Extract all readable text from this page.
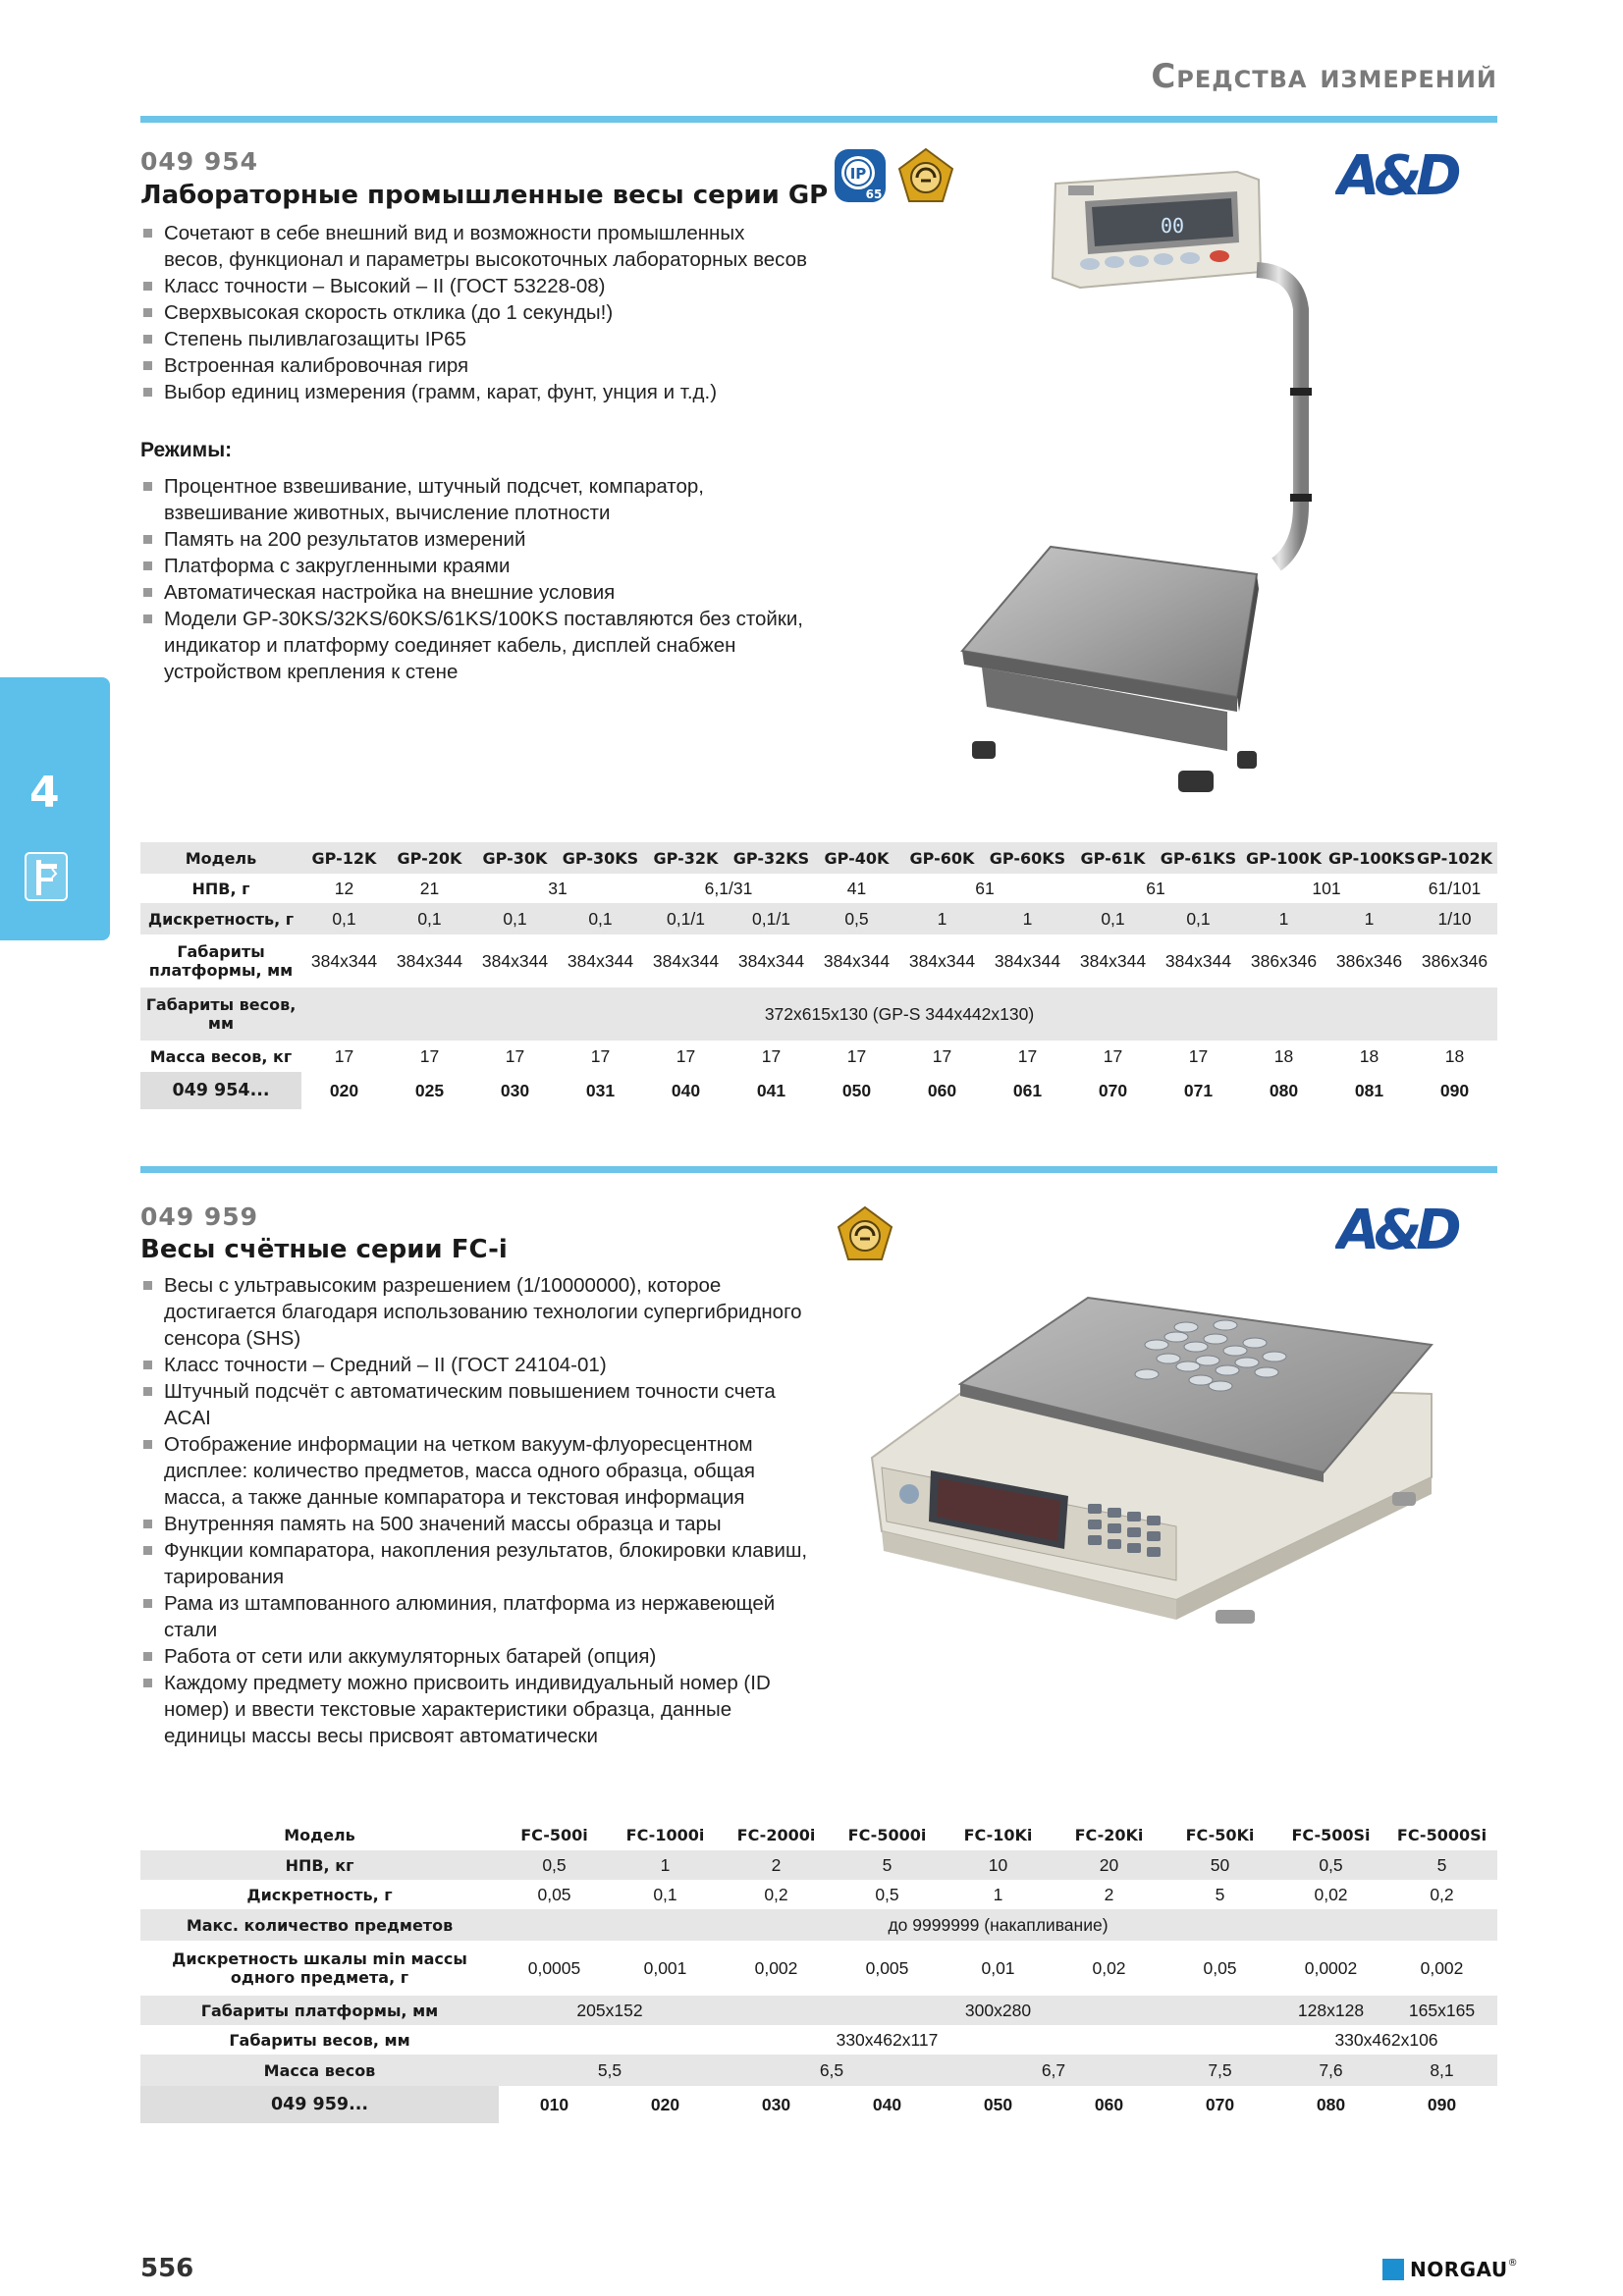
Средства измерений
4
049 954
Лабораторные промышленные весы серии GP
IP
65	A&D
Сочетают в себе внешний вид и возможности промышленных весов, функционал и параметры высокоточных лабораторных весов
Класс точности – Высокий – II (ГОСТ 53228-08)
Сверхвысокая скорость отклика (до 1 секунды!)
Степень пыливлагозащиты IP65
Встроенная калибровочная гиря
Выбор единиц измерения (грамм, карат, фунт, унция и т.д.)
Режимы:
Процентное взвешивание, штучный подсчет, компаратор, взвешивание животных, вычисление плотности
Память на 200 результатов измерений
Платформа с закругленными краями
Автоматическая настройка на внешние условия
Модели GP-30KS/32KS/60KS/61KS/100KS поставляются без стойки, индикатор и платформу соединяет кабель, дисплей снабжен устройством крепления к стене
00
Модель	GP-12K	GP-20K	GP-30K	GP-30KS	GP-32K	GP-32KS	GP-40K	GP-60K	GP-60KS	GP-61K	GP-61KS	GP-100K	GP-100KS	GP-102K
НПВ, г	12	21	31		6,1/31		41	61		61		101		61/101
Дискретность, г	0,1	0,1	0,1	0,1	0,1/1	0,1/1	0,5	1	1	0,1	0,1	1	1	1/10
Габариты платформы, мм	384x344	384x344	384x344	384x344	384x344	384x344	384x344	384x344	384x344	384x344	384x344	386x346	386x346	386x346
Габариты весов, мм	372x615x130 (GP-S 344x442x130)													
Масса весов, кг	17	17	17	17	17	17	17	17	17	17	17	18	18	18
049 954...	020	025	030	031	040	041	050	060	061	070	071	080	081	090
049 959
Весы счётные серии FC-i	A&D
Весы с ультравысоким разрешением (1/10000000), которое достигается благодаря использованию технологии супергибридного сенсора (SHS)
Класс точности – Средний – II (ГОСТ 24104-01)
Штучный подсчёт с автоматическим повышением точности счета ACAI
Отображение информации на четком вакуум-флуоресцентном дисплее: количество предметов, масса одного образца, общая масса, а также данные компаратора и текстовая информация
Внутренняя память на 500 значений массы образца и тары
Функции компаратора, накопления результатов, блокировки клавиш, тарирования
Рама из штампованного алюминия, платформа из нержавеющей стали
Работа от сети или аккумуляторных батарей (опция)
Каждому предмету можно присвоить индивидуальный номер (ID номер) и ввести текстовые характеристики образца, данные единицы массы весы присвоят автоматически
Модель	FC-500i	FC-1000i	FC-2000i	FC-5000i	FC-10Ki	FC-20Ki	FC-50Ki	FC-500Si	FC-5000Si
НПВ, кг	0,5	1	2	5	10	20	50	0,5	5
Дискретность, г	0,05	0,1	0,2	0,5	1	2	5	0,02	0,2
Макс. количество предметов	до 9999999 (накапливание)								
Дискретность шкалы min массы одного предмета, г	0,0005	0,001	0,002	0,005	0,01	0,02	0,05	0,0002	0,002
Габариты платформы, мм	205x152		300x280					128x128	165x165
Габариты весов, мм	330x462x117							330x462x106	
Масса весов	5,5		6,5		6,7		7,5	7,6	8,1
049 959...	010	020	030	040	050	060	070	080	090
556	NORGAU®
